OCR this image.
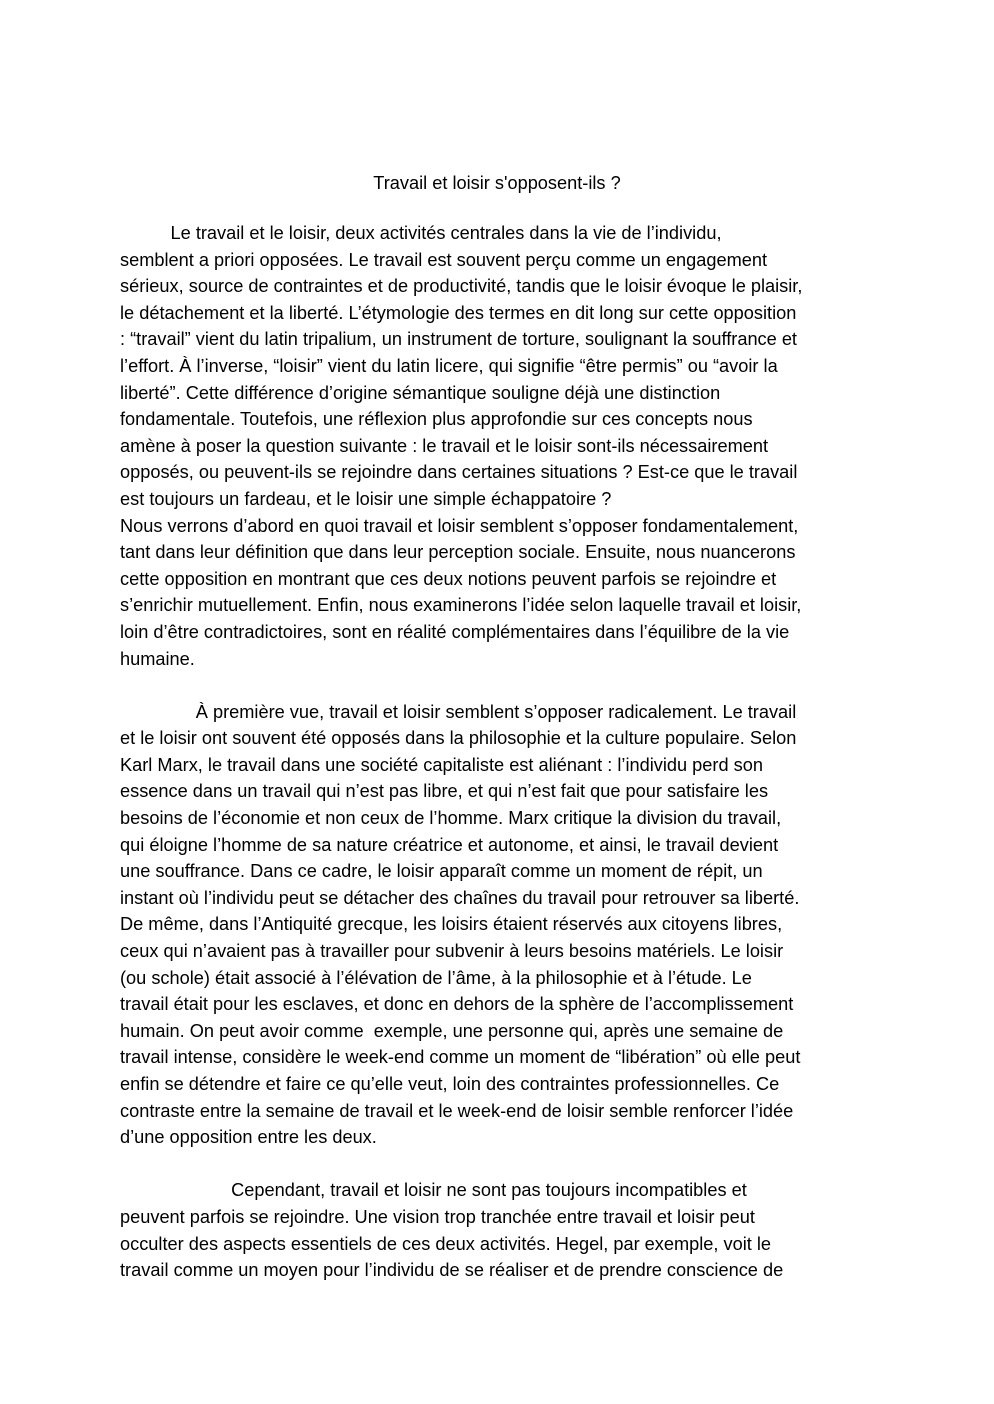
Travail et loisir s'opposent-ils ?

Le travail et le loisir, deux activités centrales dans la vie de l’individu,
semblent a priori opposées. Le travail est souvent perçu comme un engagement
sérieux, source de contraintes et de productivité, tandis que le loisir évoque le plaisir,
le détachement et la liberté. L’étymologie des termes en dit long sur cette opposition
: “travail” vient du latin tripalium, un instrument de torture, soulignant la souffrance et
l’effort. À l’inverse, “loisir” vient du latin licere, qui signifie “être permis” ou “avoir la
liberté”. Cette différence d’origine sémantique souligne déjà une distinction
fondamentale. Toutefois, une réflexion plus approfondie sur ces concepts nous
amène à poser la question suivante : le travail et le loisir sont-ils nécessairement
opposés, ou peuvent-ils se rejoindre dans certaines situations ? Est-ce que le travail
est toujours un fardeau, et le loisir une simple échappatoire ?

Nous verrons d’abord en quoi travail et loisir semblent s’opposer fondamentalement,
tant dans leur définition que dans leur perception sociale. Ensuite, nous nuancerons
cette opposition en montrant que ces deux notions peuvent parfois se rejoindre et
s’enrichir mutuellement. Enfin, nous examinerons l’idée selon laquelle travail et loisir,
loin d’être contradictoires, sont en réalité complémentaires dans l’équilibre de la vie
humaine.

À première vue, travail et loisir semblent s’opposer radicalement. Le travail
et le loisir ont souvent été opposés dans la philosophie et la culture populaire. Selon
Karl Marx, le travail dans une société capitaliste est aliénant : l’individu perd son
essence dans un travail qui n’est pas libre, et qui n’est fait que pour satisfaire les
besoins de l’économie et non ceux de l’homme. Marx critique la division du travail,
qui éloigne l’homme de sa nature créatrice et autonome, et ainsi, le travail devient
une souffrance. Dans ce cadre, le loisir apparaît comme un moment de répit, un
instant où l’individu peut se détacher des chaînes du travail pour retrouver sa liberté.
De même, dans l’Antiquité grecque, les loisirs étaient réservés aux citoyens libres,
ceux qui n’avaient pas à travailler pour subvenir à leurs besoins matériels. Le loisir
(ou schole) était associé à l’élévation de l’âme, à la philosophie et à l’étude. Le
travail était pour les esclaves, et donc en dehors de la sphère de l’accomplissement
humain. On peut avoir comme  exemple, une personne qui, après une semaine de
travail intense, considère le week-end comme un moment de “libération” où elle peut
enfin se détendre et faire ce qu’elle veut, loin des contraintes professionnelles. Ce
contraste entre la semaine de travail et le week-end de loisir semble renforcer l’idée
d’une opposition entre les deux.

Cependant, travail et loisir ne sont pas toujours incompatibles et
peuvent parfois se rejoindre. Une vision trop tranchée entre travail et loisir peut
occulter des aspects essentiels de ces deux activités. Hegel, par exemple, voit le
travail comme un moyen pour l’individu de se réaliser et de prendre conscience de
